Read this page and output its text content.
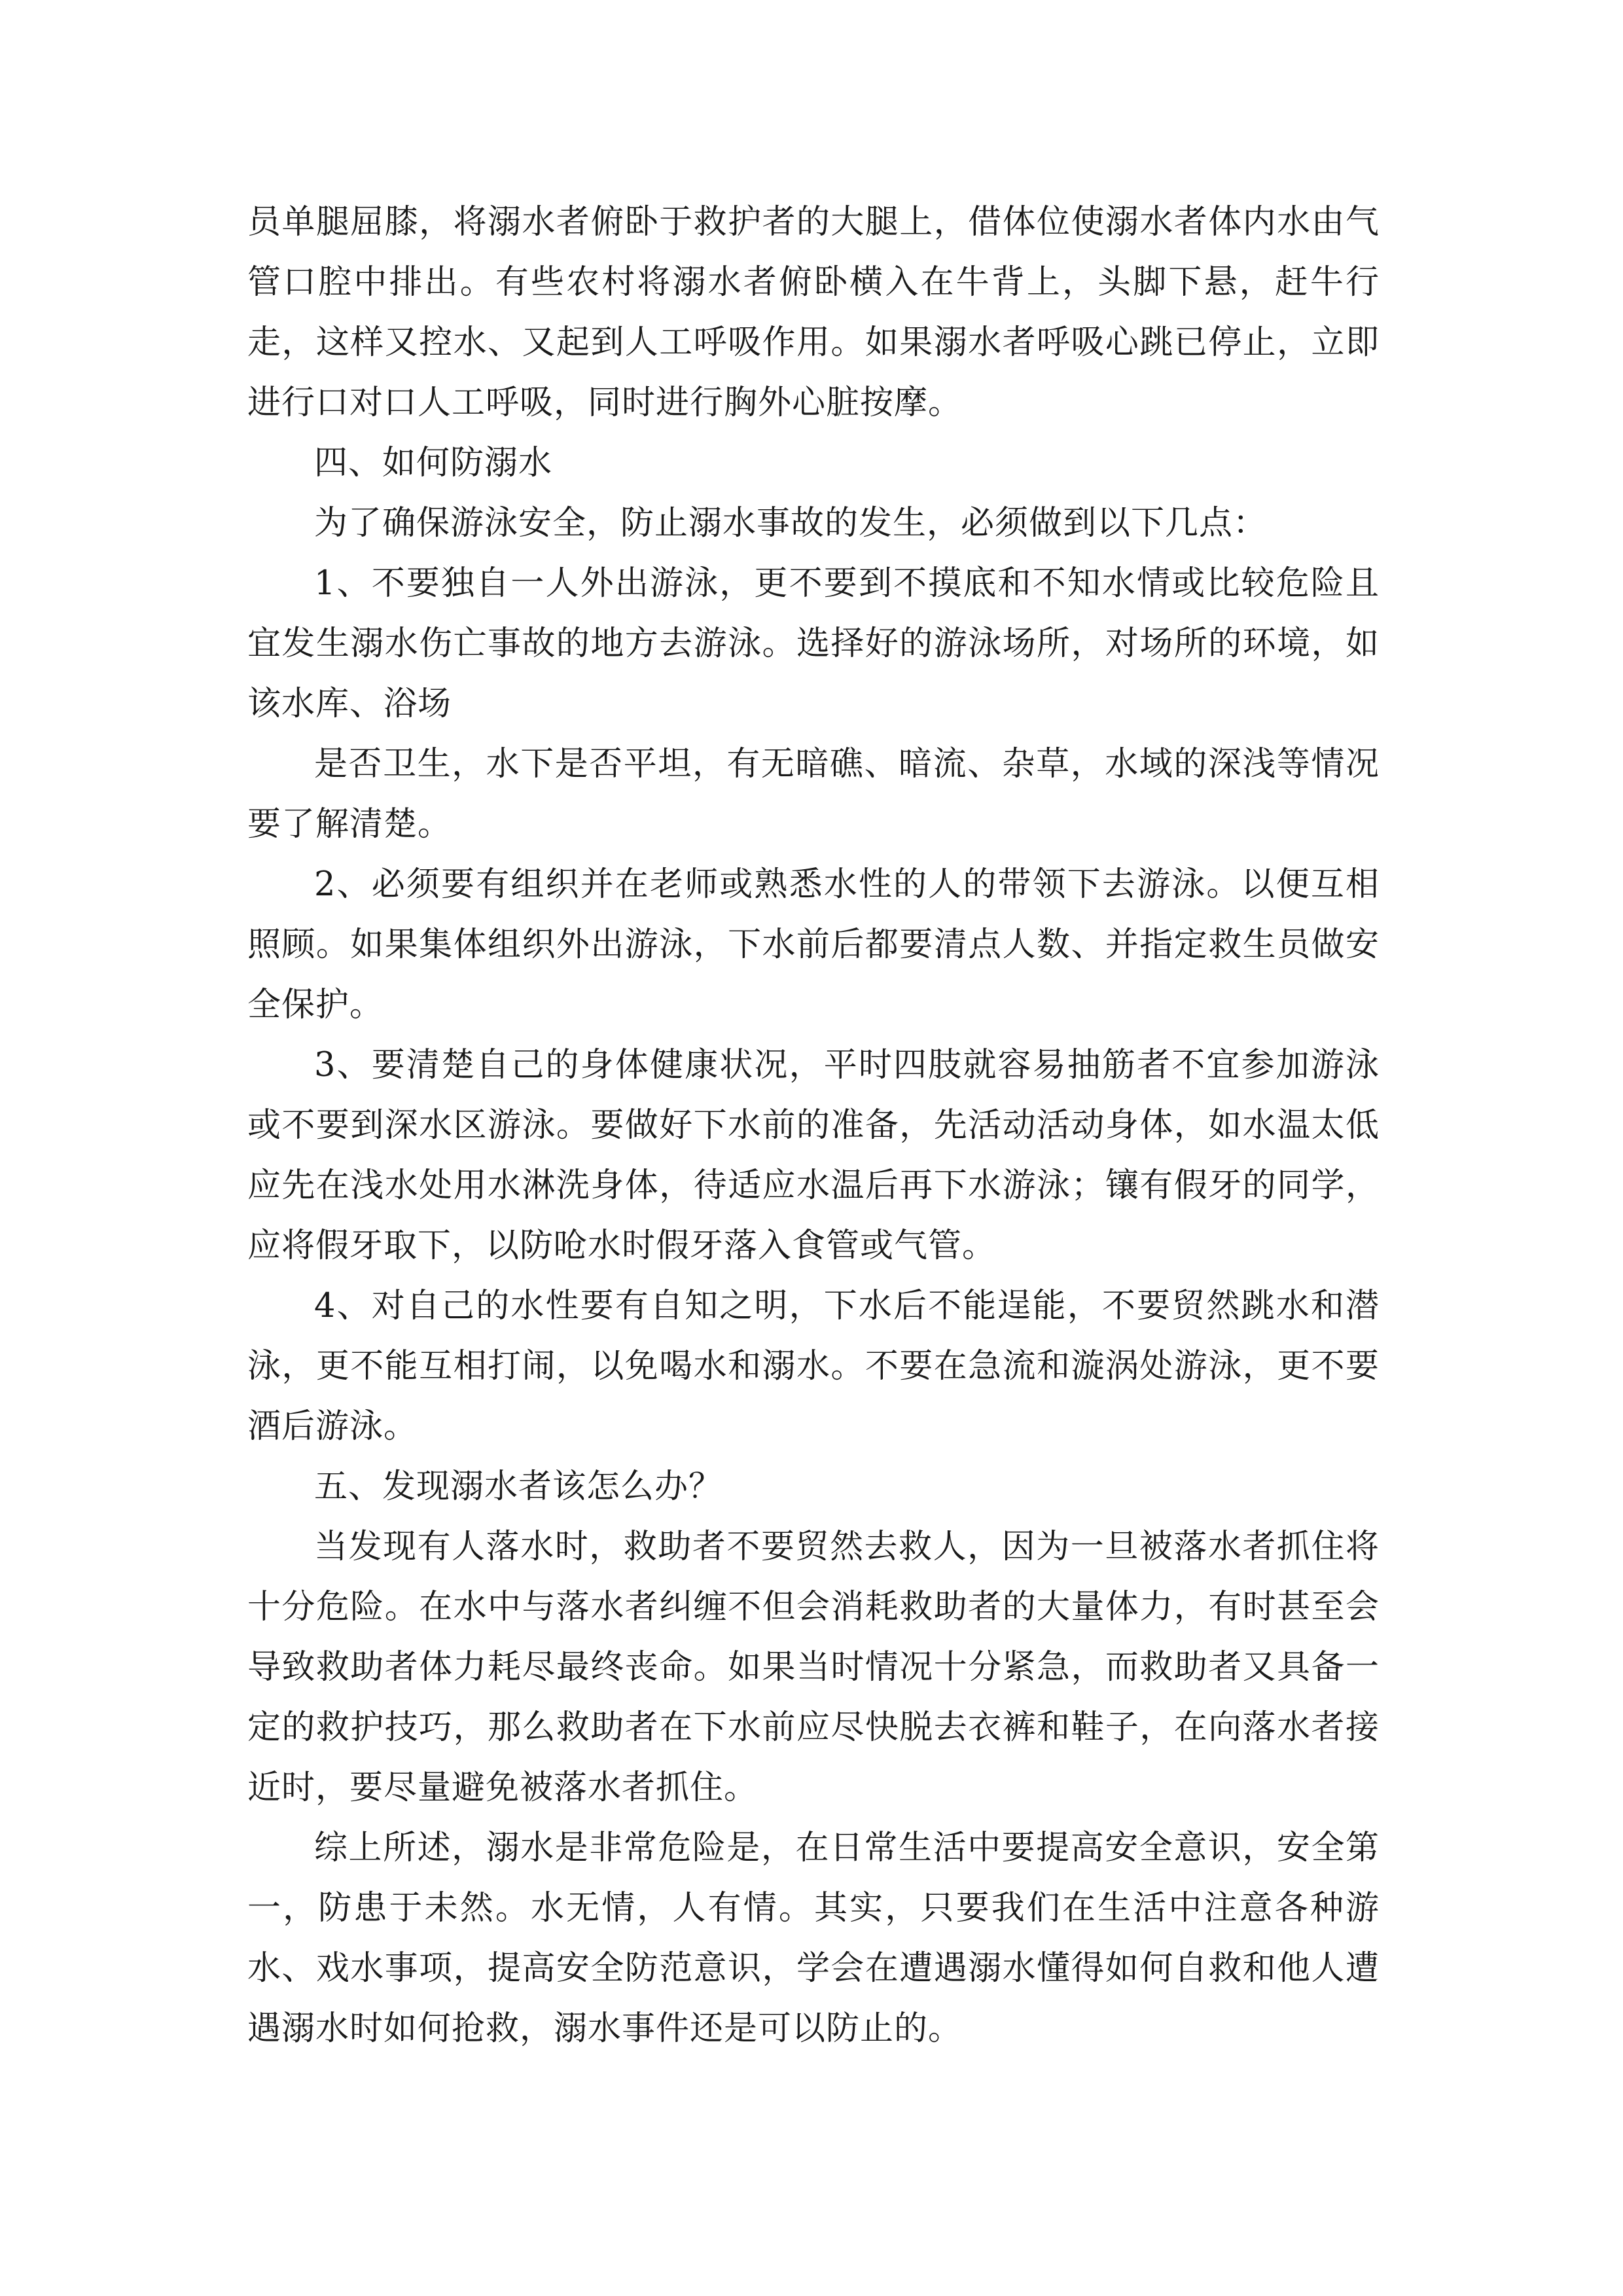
员单腿屈膝，将溺水者俯卧于救护者的大腿上，借体位使溺水者体内水由气管口腔中排出。有些农村将溺水者俯卧横入在牛背上，头脚下悬，赶牛行走，这样又控水、又起到人工呼吸作用。如果溺水者呼吸心跳已停止，立即进行口对口人工呼吸，同时进行胸外心脏按摩。

四、如何防溺水

为了确保游泳安全，防止溺水事故的发生，必须做到以下几点：

1、不要独自一人外出游泳，更不要到不摸底和不知水情或比较危险且宜发生溺水伤亡事故的地方去游泳。选择好的游泳场所，对场所的环境，如该水库、浴场

是否卫生，水下是否平坦，有无暗礁、暗流、杂草，水域的深浅等情况要了解清楚。

2、必须要有组织并在老师或熟悉水性的人的带领下去游泳。以便互相照顾。如果集体组织外出游泳，下水前后都要清点人数、并指定救生员做安全保护。

3、要清楚自己的身体健康状况，平时四肢就容易抽筋者不宜参加游泳或不要到深水区游泳。要做好下水前的准备，先活动活动身体，如水温太低应先在浅水处用水淋洗身体，待适应水温后再下水游泳；镶有假牙的同学，应将假牙取下，以防呛水时假牙落入食管或气管。

4、对自己的水性要有自知之明，下水后不能逞能，不要贸然跳水和潜泳，更不能互相打闹，以免喝水和溺水。不要在急流和漩涡处游泳，更不要酒后游泳。

五、发现溺水者该怎么办？

当发现有人落水时，救助者不要贸然去救人，因为一旦被落水者抓住将十分危险。在水中与落水者纠缠不但会消耗救助者的大量体力，有时甚至会导致救助者体力耗尽最终丧命。如果当时情况十分紧急，而救助者又具备一定的救护技巧，那么救助者在下水前应尽快脱去衣裤和鞋子，在向落水者接近时，要尽量避免被落水者抓住。

综上所述，溺水是非常危险是，在日常生活中要提高安全意识，安全第一，防患于未然。水无情，人有情。其实，只要我们在生活中注意各种游水、戏水事项，提高安全防范意识，学会在遭遇溺水懂得如何自救和他人遭遇溺水时如何抢救，溺水事件还是可以防止的。
